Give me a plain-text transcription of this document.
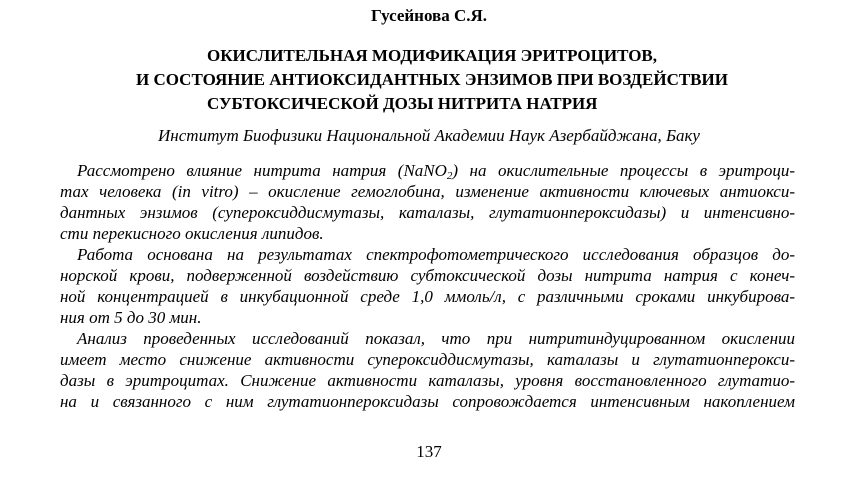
Гусейнова С.Я.
ОКИСЛИТЕЛЬНАЯ МОДИФИКАЦИЯ ЭРИТРОЦИТОВ,
И СОСТОЯНИЕ АНТИОКСИДАНТНЫХ ЭНЗИМОВ ПРИ ВОЗДЕЙСТВИИ
СУБТОКСИЧЕСКОЙ ДОЗЫ НИТРИТА НАТРИЯ
Институт Биофизики Национальной Академии Наук Азербайджана, Баку
Рассмотрено влияние нитрита натрия (NaNO$_2$) на окислительные процессы в эритроци-
тах человека (in vitro) – окисление гемоглобина, изменение активности ключевых антиокси-
дантных энзимов (супероксиддисмутазы, каталазы, глутатионпероксидазы) и интенсивно-
сти перекисного окисления липидов.
Работа основана на результатах спектрофотометрического исследования образцов до-
норской крови, подверженной воздействию субтоксической дозы нитрита натрия с конеч-
ной концентрацией в инкубационной среде 1,0 ммоль/л, с различными сроками инкубирова-
ния от 5 до 30 мин.
Анализ проведенных исследований показал, что при нитритиндуцированном окислении
имеет место снижение активности супероксиддисмутазы, каталазы и глутатионперокси-
дазы в эритроцитах. Снижение активности каталазы, уровня восстановленного глутатио-
на и связанного с ним глутатионпероксидазы сопровождается интенсивным накоплением
137
